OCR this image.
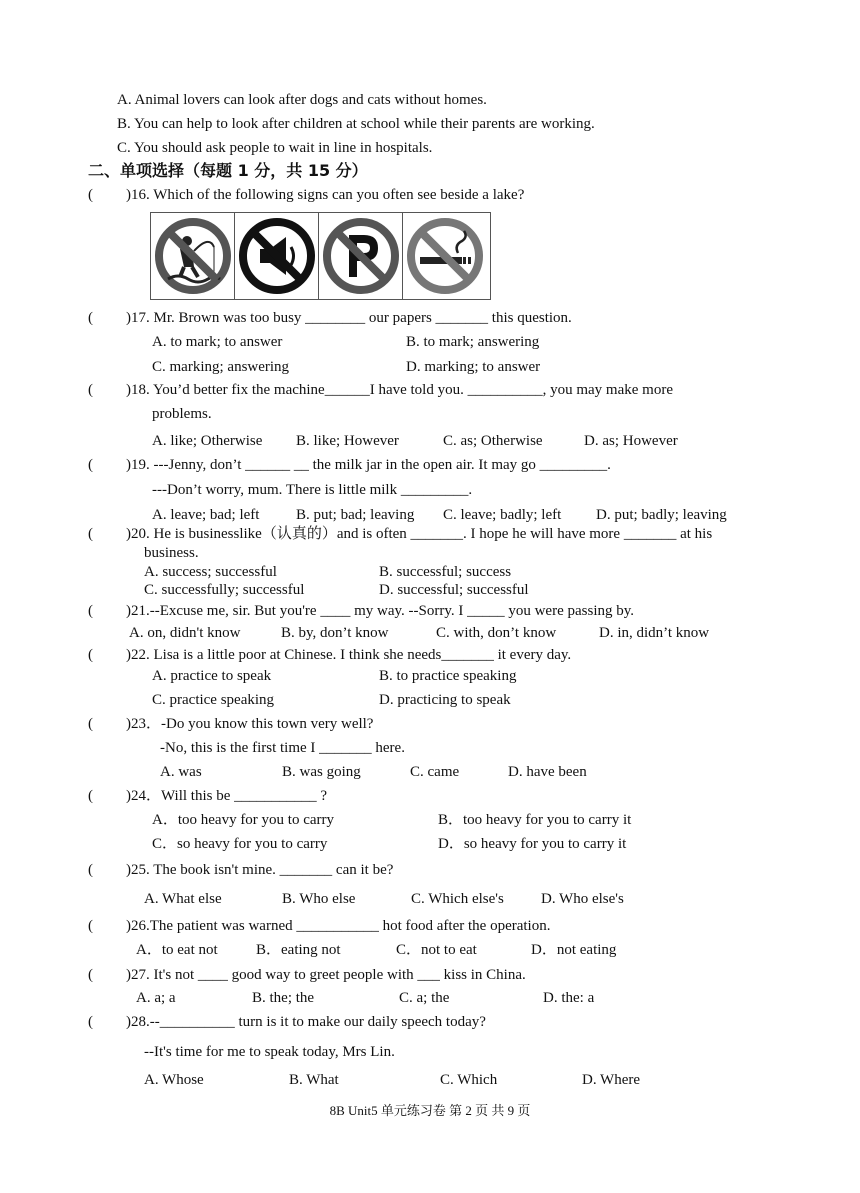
A. Animal lovers can look after dogs and cats without homes.
B. You can help to look after children at school while their parents are working.
C. You should ask people to wait in line in hospitals.
二、单项选择（每题 1 分，共 15 分）
( )16. Which of the following signs can you often see beside a lake?
( )17. Mr. Brown was too busy ________ our papers _______ this question.
A. to mark; to answer	B. to mark; answering
C. marking; answering	D. marking; to answer
( )18. You’d better fix the machine______I have told you. __________, you may make more
problems.
A. like; Otherwise B. like; However	C. as; Otherwise	D. as; However
( )19. ---Jenny, don’t ______ __ the milk jar in the open air. It may go _________.
---Don’t worry, mum. There is little milk _________.
A. leave; bad; left B. put; bad; leaving C. leave; badly; left D. put; badly; leaving
( )20. He is businesslike（认真的）and is often _______. I hope he will have more _______ at his
business.
A. success; successful	B. successful; success
C. successfully; successful	D. successful; successful
( )21.--Excuse me, sir. But you're ____ my way. --Sorry. I _____ you were passing by.
A. on, didn't know	B. by, don’t know	C. with, don’t know	D. in, didn’t know
( )22. Lisa is a little poor at Chinese. I think she needs_______ it every day.
A. practice to speak	B. to practice speaking
C. practice speaking	D. practicing to speak
( )23．-Do you know this town very well?
-No, this is the first time I _______ here.
A. was	B. was going	C. came	D. have been
( )24．Will this be ___________ ?
A．too heavy for you to carry	B．too heavy for you to carry it
C．so heavy for you to carry	D．so heavy for you to carry it
( )25. The book isn't mine. _______ can it be?
A. What else	B. Who else	C. Which else's D. Who else's
( )26.The patient was warned ___________ hot food after the operation.
A．to eat not	B．eating not	C．not to eat	D．not eating
( )27. It's not ____ good way to greet people with ___ kiss in China.
A. a; a	B. the; the	C. a; the	D. the: a
( )28.--__________ turn is it to make our daily speech today?
--It's time for me to speak today, Mrs Lin.
A. Whose	B. What	C. Which	D. Where
8B Unit5 单元练习卷 第 2 页 共 9 页
